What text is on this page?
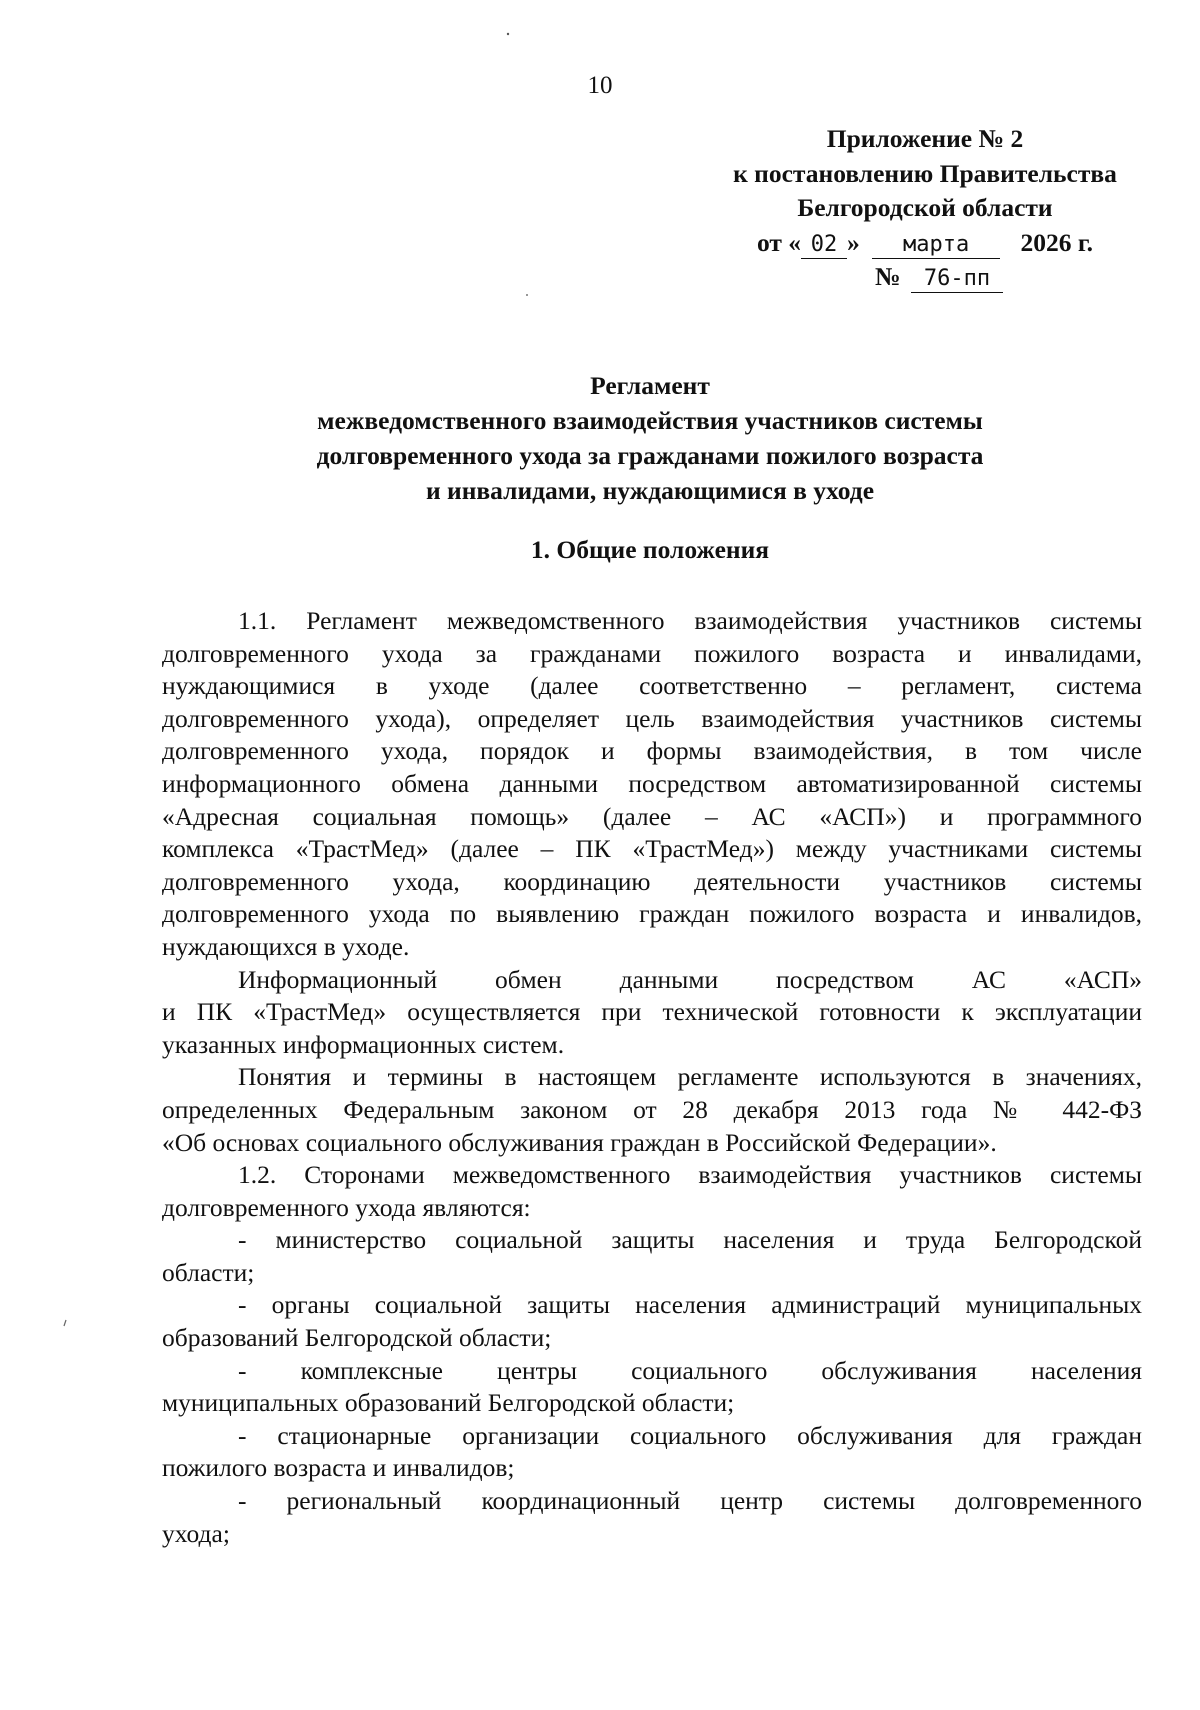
10
Приложение № 2
к постановлению Правительства
Белгородской области
от « 02 » марта 2026 г.
№ 76-пп
Регламент
межведомственного взаимодействия участников системы
долговременного ухода за гражданами пожилого возраста
и инвалидами, нуждающимися в уходе
1. Общие положения
1.1. Регламент межведомственного взаимодействия участников системы
долговременного ухода за гражданами пожилого возраста и инвалидами,
нуждающимися в уходе (далее соответственно – регламент, система
долговременного ухода), определяет цель взаимодействия участников системы
долговременного ухода, порядок и формы взаимодействия, в том числе
информационного обмена данными посредством автоматизированной системы
«Адресная социальная помощь» (далее – АС «АСП») и программного
комплекса «ТрастМед» (далее – ПК «ТрастМед») между участниками системы
долговременного ухода, координацию деятельности участников системы
долговременного ухода по выявлению граждан пожилого возраста и инвалидов,
нуждающихся в уходе.
Информационный обмен данными посредством АС «АСП»
и ПК «ТрастМед» осуществляется при технической готовности к эксплуатации
указанных информационных систем.
Понятия и термины в настоящем регламенте используются в значениях,
определенных Федеральным законом от 28 декабря 2013 года № 442-ФЗ
«Об основах социального обслуживания граждан в Российской Федерации».
1.2. Сторонами межведомственного взаимодействия участников системы
долговременного ухода являются:
- министерство социальной защиты населения и труда Белгородской
области;
- органы социальной защиты населения администраций муниципальных
образований Белгородской области;
- комплексные центры социального обслуживания населения
муниципальных образований Белгородской области;
- стационарные организации социального обслуживания для граждан
пожилого возраста и инвалидов;
- региональный координационный центр системы долговременного
ухода;
